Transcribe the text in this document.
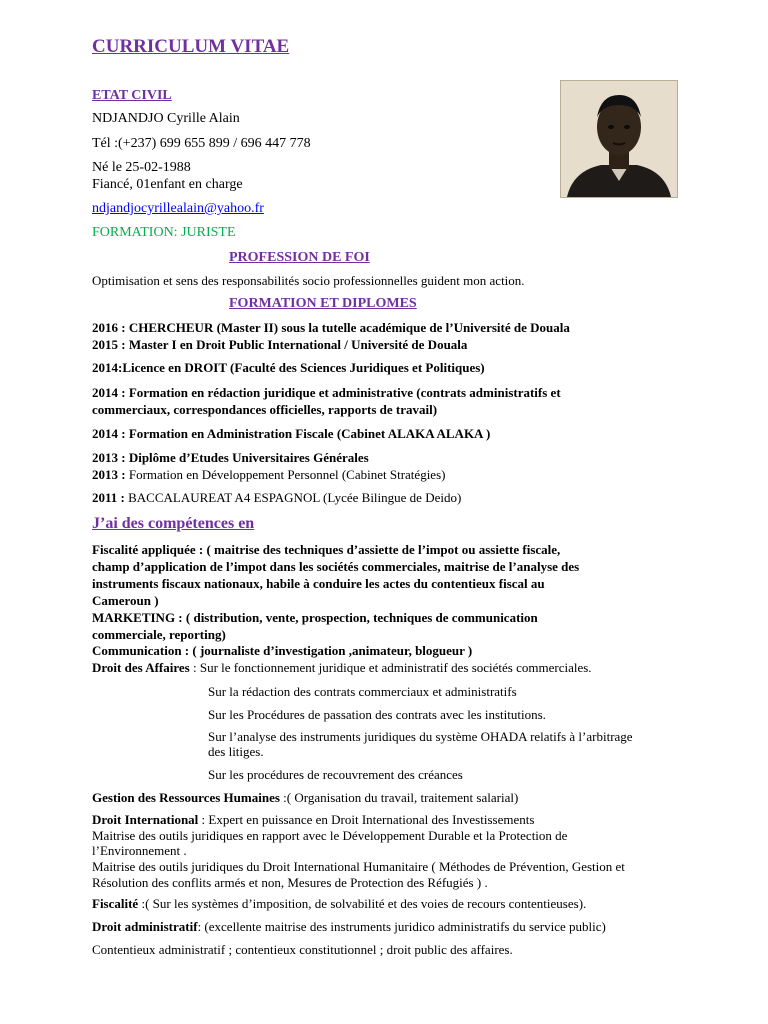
CURRICULUM VITAE
ETAT CIVIL
NDJANDJO Cyrille Alain
Tél :(+237) 699 655 899 / 696 447 778
Né le 25-02-1988
Fiancé, 01enfant en charge
ndjandjocyrillealain@yahoo.fr
FORMATION: JURISTE
PROFESSION DE FOI
Optimisation et sens des responsabilités socio professionnelles guident mon action.
FORMATION ET DIPLOMES
2016 : CHERCHEUR (Master II) sous la tutelle académique de l’Université de Douala
2015 : Master I en Droit Public International / Université de Douala
2014:Licence en DROIT (Faculté des Sciences Juridiques et Politiques)
2014 : Formation en rédaction juridique et administrative (contrats administratifs et
commerciaux, correspondances officielles, rapports de travail)
2014 : Formation en Administration Fiscale (Cabinet ALAKA ALAKA )
2013 : Diplôme d’Etudes Universitaires Générales
2013 : Formation en Développement Personnel (Cabinet Stratégies)
2011 : BACCALAUREAT A4 ESPAGNOL (Lycée Bilingue de Deido)
J’ai des compétences en
Fiscalité appliquée : ( maitrise des techniques d’assiette de l’impot ou assiette fiscale,
champ d’application de l’impot dans les sociétés commerciales, maitrise de l’analyse des
instruments fiscaux nationaux, habile à conduire les actes du contentieux fiscal au
Cameroun )
MARKETING : ( distribution, vente, prospection, techniques de communication
commerciale, reporting)
Communication : ( journaliste d’investigation ,animateur, blogueur )
Droit des Affaires : Sur le fonctionnement juridique et administratif des sociétés commerciales.
Sur la rédaction des contrats commerciaux et administratifs
Sur les Procédures de passation des contrats avec les institutions.
Sur l’analyse des instruments juridiques du système OHADA relatifs à l’arbitrage
des litiges.
Sur les procédures de recouvrement des créances
Gestion des Ressources Humaines :( Organisation du travail, traitement salarial)
Droit International : Expert en puissance en Droit International des Investissements
Maitrise des outils juridiques en rapport avec le Développement Durable et la Protection de
l’Environnement .
Maitrise des outils juridiques du Droit International Humanitaire ( Méthodes de Prévention, Gestion et
Résolution des conflits armés et non, Mesures de Protection des Réfugiés ) .
Fiscalité :( Sur les systèmes d’imposition, de solvabilité et des voies de recours contentieuses).
Droit administratif: (excellente maitrise des instruments juridico administratifs du service public)
Contentieux administratif ; contentieux constitutionnel ; droit public des affaires.
